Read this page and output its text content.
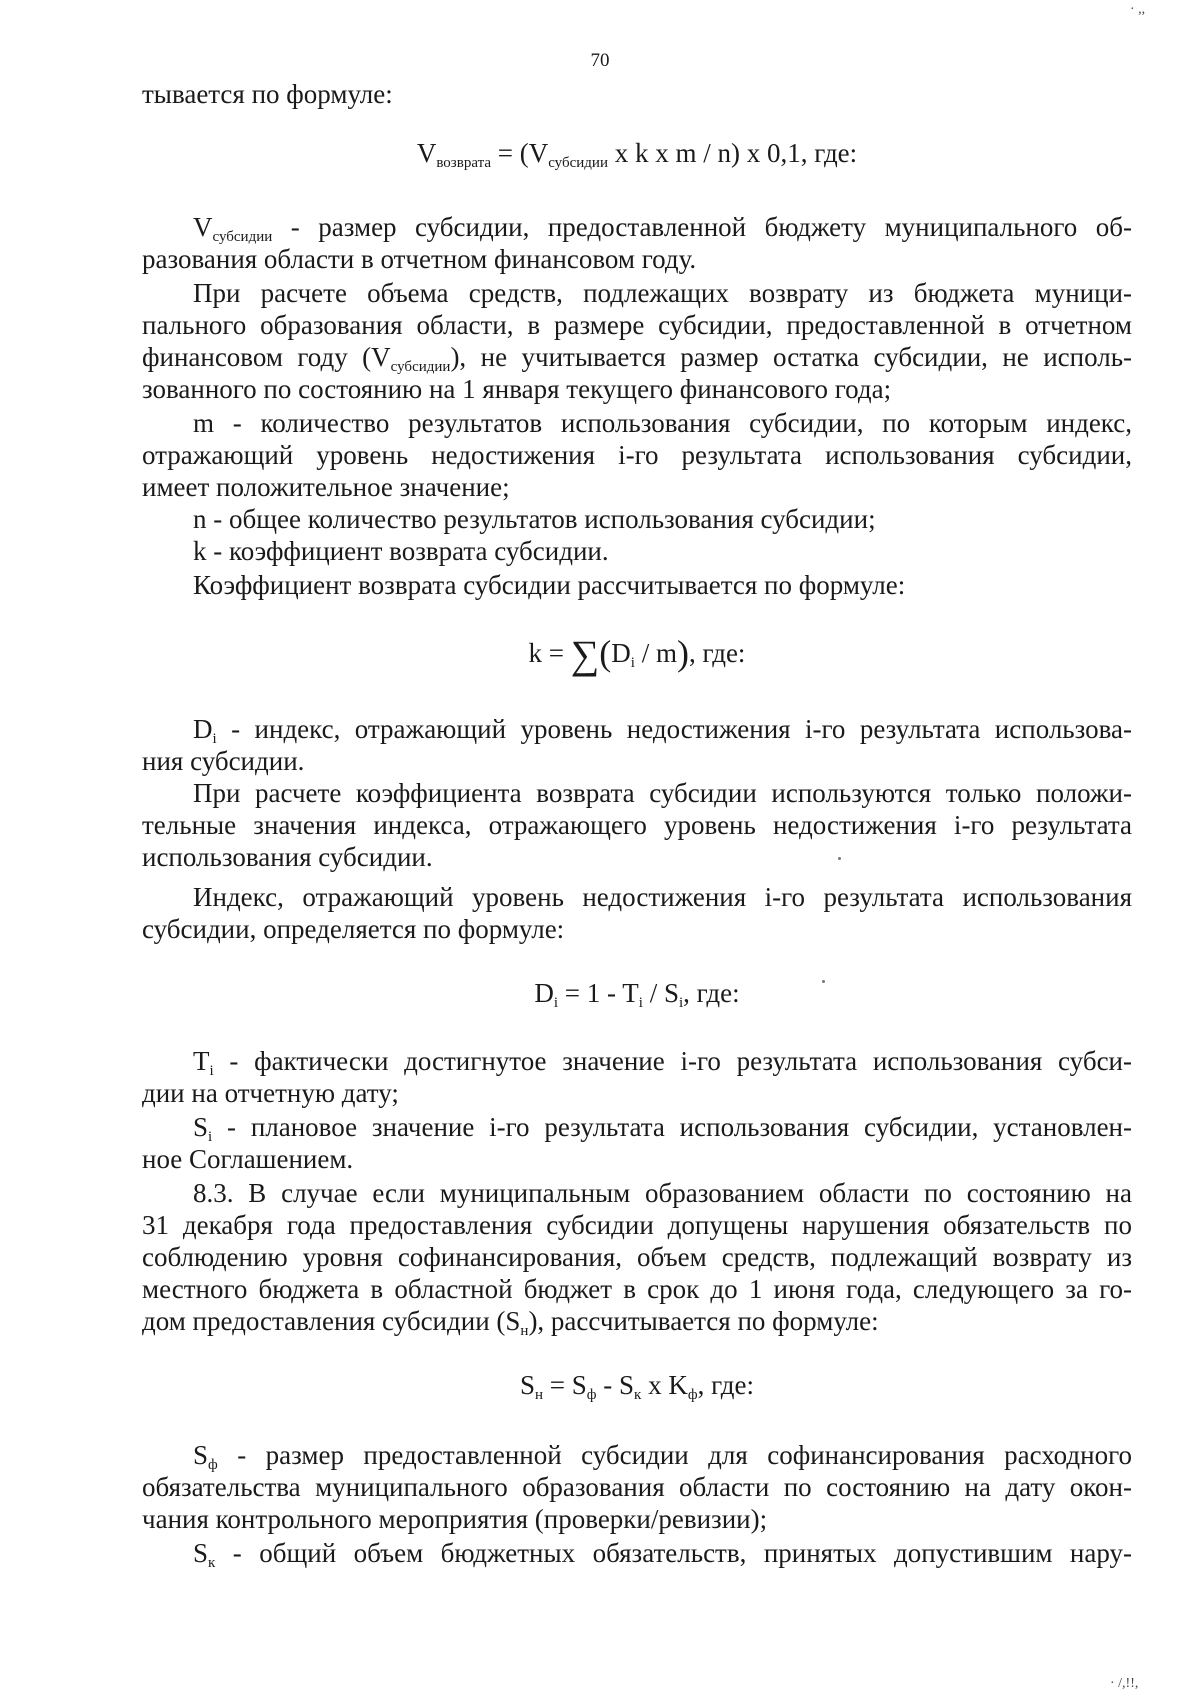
70
· ,,
тывается по формуле:
$V_{возврата} = (V_{субсидии}$ x k x m / n) x 0,1, где:
$V_{субсидии}$ - размер субсидии, предоставленной бюджету муниципального об-
разования области в отчетном финансовом году.
При расчете объема средств, подлежащих возврату из бюджета муници-
пального образования области, в размере субсидии, предоставленной в отчетном
финансовом году $(V_{субсидии})$, не учитывается размер остатка субсидии, не исполь-
зованного по состоянию на 1 января текущего финансового года;
m - количество результатов использования субсидии, по которым индекс,
отражающий уровень недостижения i-го результата использования субсидии,
имеет положительное значение;
n - общее количество результатов использования субсидии;
k - коэффициент возврата субсидии.
Коэффициент возврата субсидии рассчитывается по формуле:
$k = \sum(D_i / m)$, где:
$D_i$ - индекс, отражающий уровень недостижения i-го результата использова-
ния субсидии.
При расчете коэффициента возврата субсидии используются только положи-
тельные значения индекса, отражающего уровень недостижения i-го результата
использования субсидии.
Индекс, отражающий уровень недостижения i-го результата использования
субсидии, определяется по формуле:
$D_i = 1 - T_i / S_i$, где:
$T_i$ - фактически достигнутое значение i-го результата использования субси-
дии на отчетную дату;
$S_i$ - плановое значение i-го результата использования субсидии, установлен-
ное Соглашением.
8.3. В случае если муниципальным образованием области по состоянию на
31 декабря года предоставления субсидии допущены нарушения обязательств по
соблюдению уровня софинансирования, объем средств, подлежащий возврату из
местного бюджета в областной бюджет в срок до 1 июня года, следующего за го-
дом предоставления субсидии $(S_н)$, рассчитывается по формуле:
$S_н = S_ф - S_к$ x $K_ф$, где:
$S_ф$ - размер предоставленной субсидии для софинансирования расходного
обязательства муниципального образования области по состоянию на дату окон-
чания контрольного мероприятия (проверки/ревизии);
$S_к$ - общий объем бюджетных обязательств, принятых допустившим нару-
· /,!!,
